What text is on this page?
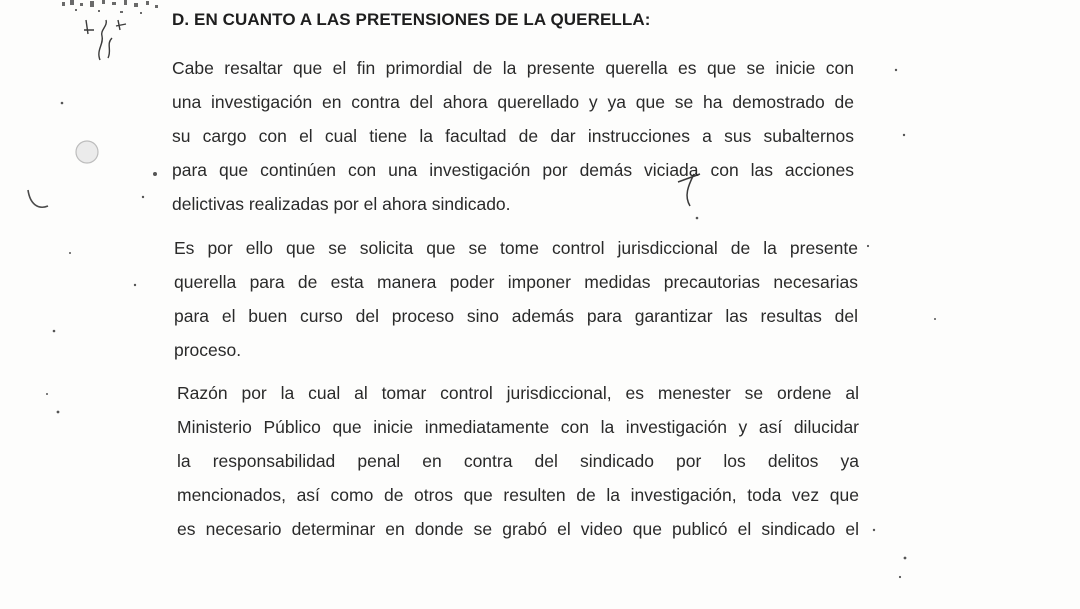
D. EN CUANTO A LAS PRETENSIONES DE LA QUERELLA:
Cabe resaltar que el fin primordial de la presente querella es que se inicie con
una investigación en contra del ahora querellado y ya que se ha demostrado de
su cargo con el cual tiene la facultad de dar instrucciones a sus subalternos
para que continúen con una investigación por demás viciada con las acciones
delictivas realizadas por el ahora sindicado.
Es por ello que se solicita que se tome control jurisdiccional de la presente
querella para de esta manera poder imponer medidas precautorias necesarias
para el buen curso del proceso sino además para garantizar las resultas del
proceso.
Razón por la cual al tomar control jurisdiccional, es menester se ordene al
Ministerio Público que inicie inmediatamente con la investigación y así dilucidar
la responsabilidad penal en contra del sindicado por los delitos ya
mencionados, así como de otros que resulten de la investigación, toda vez que
es necesario determinar en donde se grabó el video que publicó el sindicado el
